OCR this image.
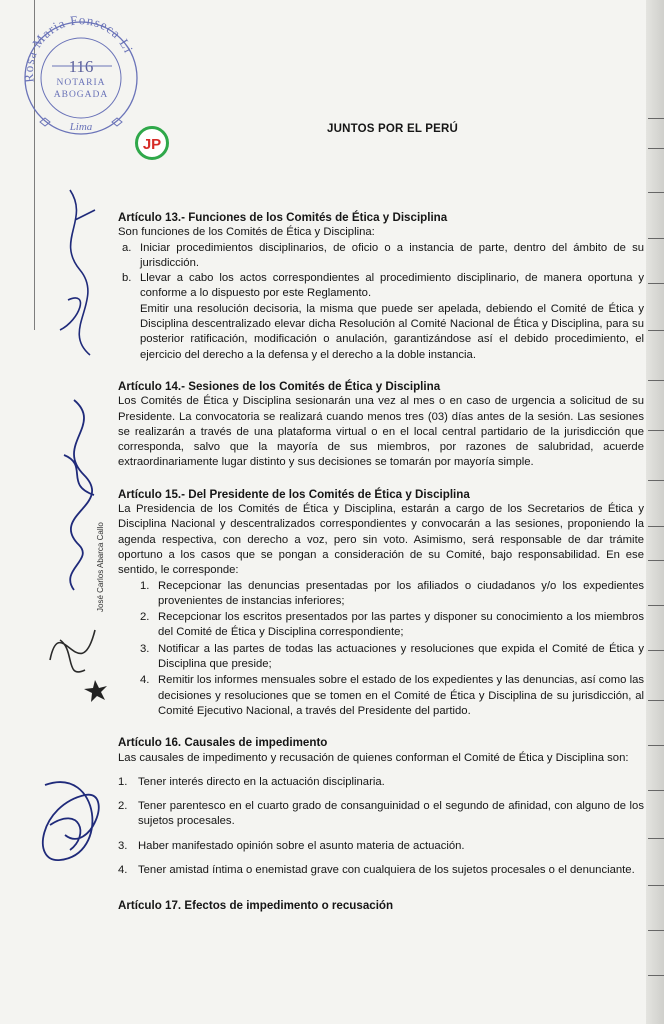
Rosa Maria Fonseca Li
116
NOTARIA
ABOGADA
Lima
JP
JUNTOS POR EL PERÚ
José Carlos Abarca Callo
Artículo 13.- Funciones de los Comités de Ética y Disciplina

Son funciones de los Comités de Ética y Disciplina:

a. Iniciar procedimientos disciplinarios, de oficio o a instancia de parte, dentro del ámbito de su jurisdicción.
b. Llevar a cabo los actos correspondientes al procedimiento disciplinario, de manera oportuna y conforme a lo dispuesto por este Reglamento.

Emitir una resolución decisoria, la misma que puede ser apelada, debiendo el Comité de Ética y Disciplina descentralizado elevar dicha Resolución al Comité Nacional de Ética y Disciplina, para su posterior ratificación, modificación o anulación, garantizándose así el debido procedimiento, el ejercicio del derecho a la defensa y el derecho a la doble instancia.

Artículo 14.- Sesiones de los Comités de Ética y Disciplina

Los Comités de Ética y Disciplina sesionarán una vez al mes o en caso de urgencia a solicitud de su Presidente. La convocatoria se realizará cuando menos tres (03) días antes de la sesión. Las sesiones se realizarán a través de una plataforma virtual o en el local central partidario de la jurisdicción que corresponda, salvo que la mayoría de sus miembros, por razones de salubridad, acuerde extraordinariamente lugar distinto y sus decisiones se tomarán por mayoría simple.

Artículo 15.- Del Presidente de los Comités de Ética y Disciplina

La Presidencia de los Comités de Ética y Disciplina, estarán a cargo de los Secretarios de Ética y Disciplina Nacional y descentralizados correspondientes y convocarán a las sesiones, proponiendo la agenda respectiva, con derecho a voz, pero sin voto. Asimismo, será responsable de dar trámite oportuno a los casos que se pongan a consideración de su Comité, bajo responsabilidad. En ese sentido, le corresponde:

1. Recepcionar las denuncias presentadas por los afiliados o ciudadanos y/o los expedientes provenientes de instancias inferiores;
2. Recepcionar los escritos presentados por las partes y disponer su conocimiento a los miembros del Comité de Ética y Disciplina correspondiente;
3. Notificar a las partes de todas las actuaciones y resoluciones que expida el Comité de Ética y Disciplina que preside;
4. Remitir los informes mensuales sobre el estado de los expedientes y las denuncias, así como las decisiones y resoluciones que se tomen en el Comité de Ética y Disciplina de su jurisdicción, al Comité Ejecutivo Nacional, a través del Presidente del partido.
Artículo 16. Causales de impedimento

Las causales de impedimento y recusación de quienes conforman el Comité de Ética y Disciplina son:

1. Tener interés directo en la actuación disciplinaria.
2. Tener parentesco en el cuarto grado de consanguinidad o el segundo de afinidad, con alguno de los sujetos procesales.
3. Haber manifestado opinión sobre el asunto materia de actuación.
4. Tener amistad íntima o enemistad grave con cualquiera de los sujetos procesales o el denunciante.
Artículo 17. Efectos de impedimento o recusación
